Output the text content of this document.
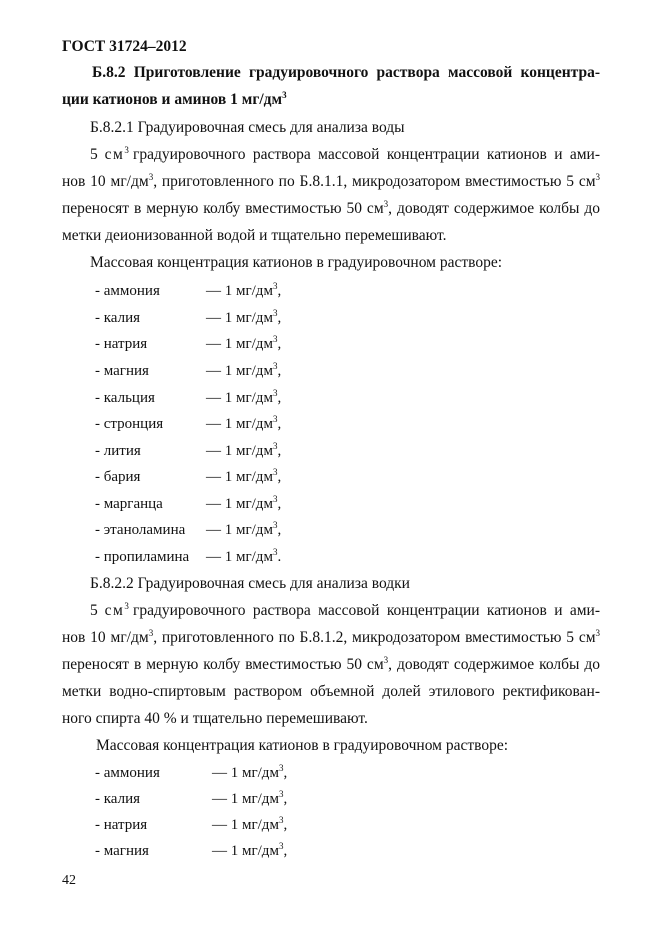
ГОСТ 31724–2012
Б.8.2 Приготовление градуировочного раствора массовой концентра-
ции катионов и аминов 1 $мг/дм^3$
Б.8.2.1 Градуировочная смесь для анализа воды
5 $см^3$ градуировочного раствора массовой концентрации катионов и ами-
нов 10 $мг/дм^3$, приготовленного по Б.8.1.1, микродозатором вместимостью 5 $см^3$
переносят в мерную колбу вместимостью 50 $см^3$, доводят содержимое колбы до
метки деионизованной водой и тщательно перемешивают.
Массовая концентрация катионов в градуировочном растворе:
- аммония	— 1 $мг/дм^3$,
- калия	— 1 $мг/дм^3$,
- натрия	— 1 $мг/дм^3$,
- магния	— 1 $мг/дм^3$,
- кальция	— 1 $мг/дм^3$,
- стронция	— 1 $мг/дм^3$,
- лития	— 1 $мг/дм^3$,
- бария	— 1 $мг/дм^3$,
- марганца	— 1 $мг/дм^3$,
- этаноламина — 1 $мг/дм^3$,
- пропиламина — 1 $мг/дм^3$.
Б.8.2.2 Градуировочная смесь для анализа водки
5 $см^3$ градуировочного раствора массовой концентрации катионов и ами-
нов 10 $мг/дм^3$, приготовленного по Б.8.1.2, микродозатором вместимостью 5 $см^3$
переносят в мерную колбу вместимостью 50 $см^3$, доводят содержимое колбы до
метки водно-спиртовым раствором объемной долей этилового ректификован-
ного спирта 40 % и тщательно перемешивают.
Массовая концентрация катионов в градуировочном растворе:
- аммония	— 1 $мг/дм^3$,
- калия	— 1 $мг/дм^3$,
- натрия	— 1 $мг/дм^3$,
- магния	— 1 $мг/дм^3$,
42
